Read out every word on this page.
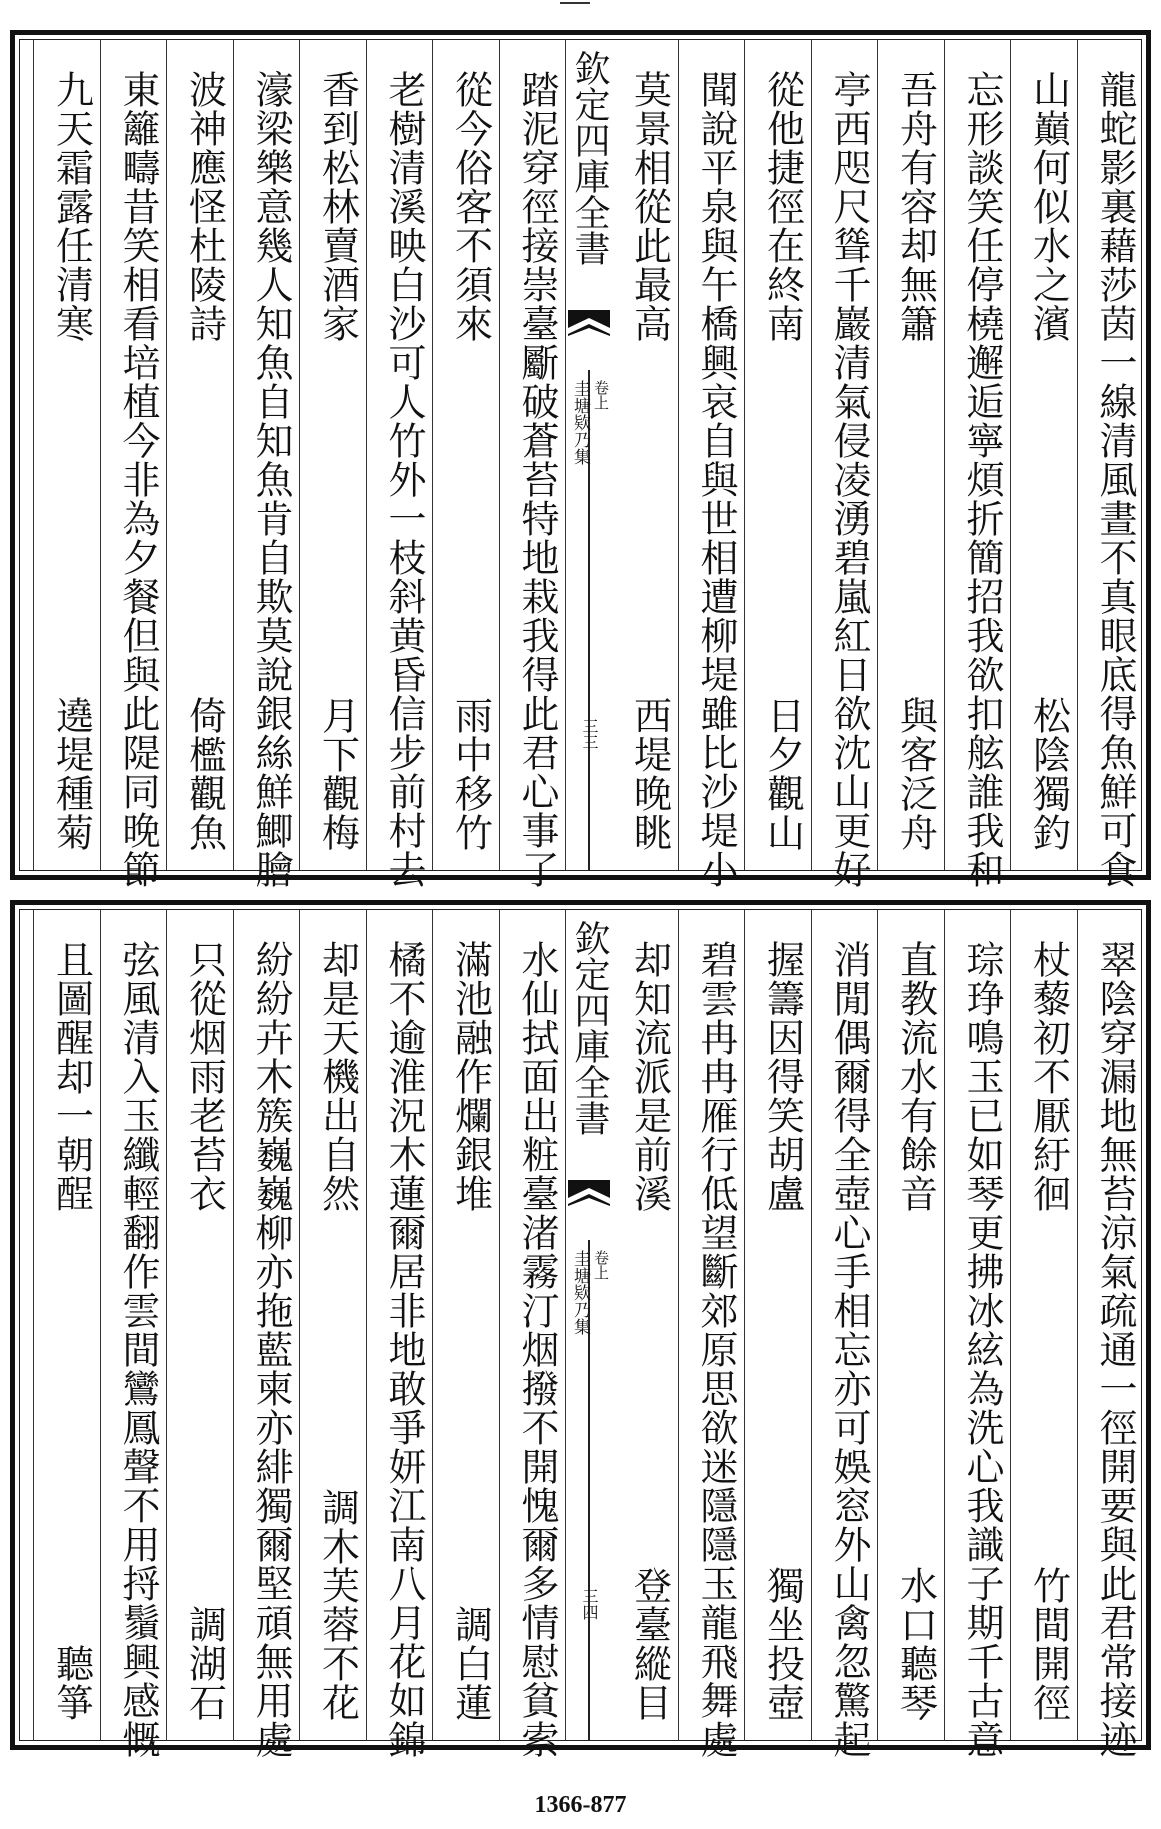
龍蛇影裏藉莎茵一線清風晝不真眼底得魚鮮可食
山巔何似水之濱
松陰獨釣
忘形談笑任停橈邂逅寧煩折簡招我欲扣舷誰我和
吾舟有容却無簫
與客泛舟
亭西咫尺聳千巖清氣侵凌湧碧嵐紅日欲沈山更好
從他捷徑在終南
日夕觀山
聞說平泉與午橋興哀自與世相遭柳堤雖比沙堤小
莫景相從此最高
西堤晚眺
欽定四庫全書
圭塘欵乃集 卷上
三三
踏泥穿徑接崇臺斸破蒼苔特地栽我得此君心事了
從今俗客不須來
雨中移竹
老樹清溪映白沙可人竹外一枝斜黄昏信步前村去
香到松林賣酒家
月下觀梅
濠梁樂意幾人知魚自知魚肯自欺莫說銀絲鮮鯽膾
波神應怪杜陵詩
倚檻觀魚
東籬疇昔笑相看培植今非為夕餐但與此隄同晚節
九天霜露任清寒
遶堤種菊
翠陰穿漏地無苔涼氣疏通一徑開要與此君常接迹
杖藜初不厭紆徊
竹間開徑
琮琤鳴玉已如琴更拂冰絃為洗心我識子期千古意
直教流水有餘音
水口聽琴
消閒偶爾得全壺心手相忘亦可娛窓外山禽忽驚起
握籌因得笑胡盧
獨坐投壺
碧雲冉冉雁行低望斷郊原思欲迷隱隱玉龍飛舞處
却知流派是前溪
登臺縱目
欽定四庫全書
圭塘欵乃集 卷上
三四
水仙拭面出粧臺渚霧汀烟撥不開愧爾多情慰貧索
滿池融作爛銀堆
調白蓮
橘不逾淮況木蓮爾居非地敢爭妍江南八月花如錦
却是天機出自然
調木芙蓉不花
紛紛卉木簇巍巍柳亦拖藍柬亦緋獨爾堅頑無用處
只從烟雨老苔衣
調湖石
弦風清入玉纖輕翻作雲間鸞鳳聲不用捋鬚興感慨
且圖醒却一朝酲
聽箏
1366-877
